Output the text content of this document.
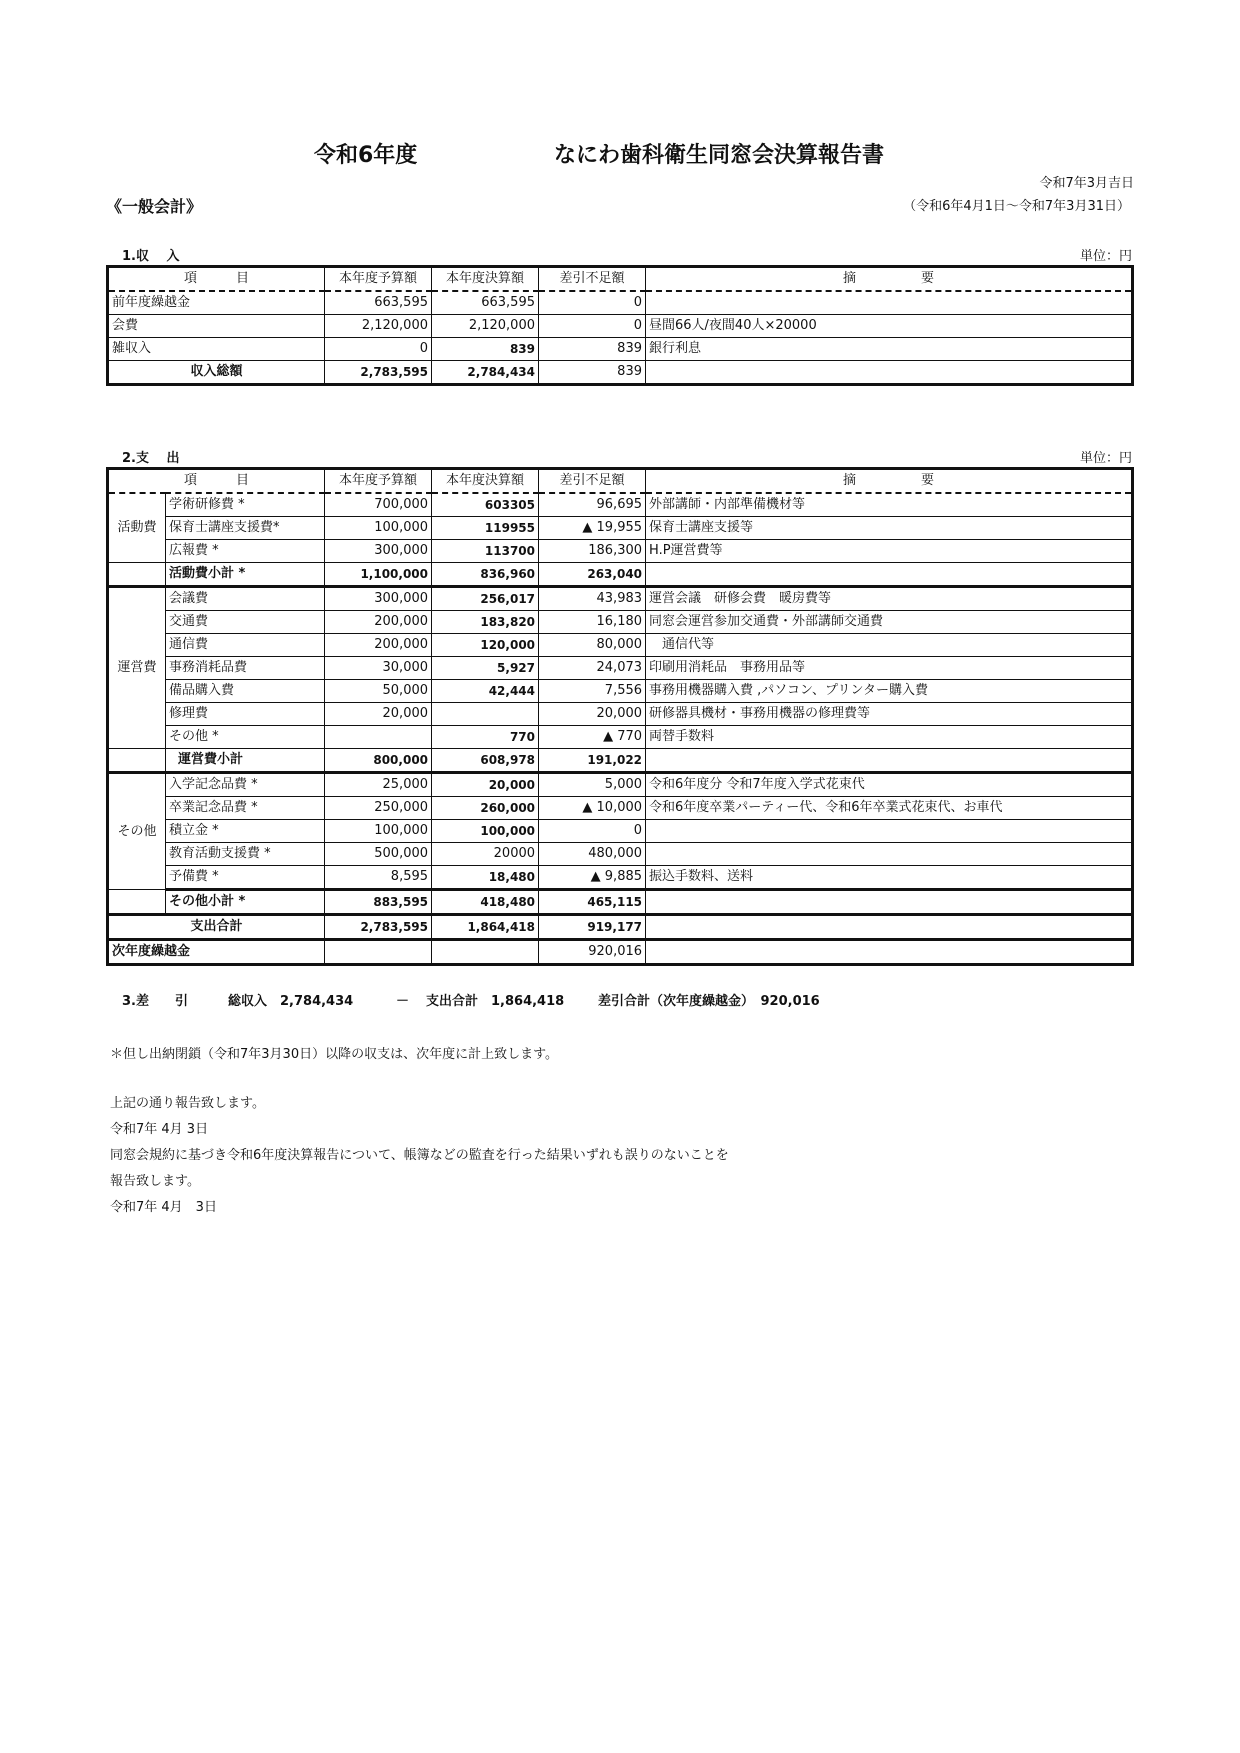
令和6年度	なにわ歯科衛生同窓会決算報告書
令和7年3月吉日
《一般会計》	（令和6年4月1日～令和7年3月31日）
1.収　 入	単位：円
項　　　目	本年度予算額	本年度決算額	差引不足額	摘　　　　　要
前年度繰越金	663,595	663,595	0	
会費	2,120,000	2,120,000	0	昼間66人/夜間40人×20000
雑収入	0	839	839	銀行利息
収入総額	2,783,595	2,784,434	839	
2.支　 出	単位：円
項　　　目		本年度予算額	本年度決算額	差引不足額	摘　　　　　要
活動費	学術研修費 *	700,000	603305	96,695	外部講師・内部準備機材等
	保育士講座支援費*	100,000	119955	▲ 19,955	保育士講座支援等
	広報費 *	300,000	113700	186,300	H.P運営費等
	活動費小計 *	1,100,000	836,960	263,040	
運営費	会議費	300,000	256,017	43,983	運営会議　研修会費　暖房費等
	交通費	200,000	183,820	16,180	同窓会運営参加交通費・外部講師交通費
	通信費	200,000	120,000	80,000	　通信代等
	事務消耗品費	30,000	5,927	24,073	印刷用消耗品　事務用品等
	備品購入費	50,000	42,444	7,556	事務用機器購入費 ,パソコン、プリンター購入費
	修理費	20,000		20,000	研修器具機材・事務用機器の修理費等
	その他 *		770	▲ 770	両替手数料
	運営費小計	800,000	608,978	191,022	
その他	入学記念品費 *	25,000	20,000	5,000	令和6年度分 令和7年度入学式花束代
	卒業記念品費 *	250,000	260,000	▲ 10,000	令和6年度卒業パーティー代、令和6年卒業式花束代、お車代
	積立金 *	100,000	100,000	0	
	教育活動支援費 *	500,000	20000	480,000	
	予備費 *	8,595	18,480	▲ 9,885	振込手数料、送料
	その他小計 *	883,595	418,480	465,115	
支出合計		2,783,595	1,864,418	919,177	
次年度繰越金				920,016	
3.差　　引	総収入　2,784,434	－ 支出合計　1,864,418	差引合計（次年度繰越金）　920,016
＊但し出納閉鎖（令和7年3月30日）以降の収支は、次年度に計上致します。
上記の通り報告致します。
令和7年 4月 3日
同窓会規約に基づき令和6年度決算報告について、帳簿などの監査を行った結果いずれも誤りのないことを
報告致します。
令和7年 4月　3日
